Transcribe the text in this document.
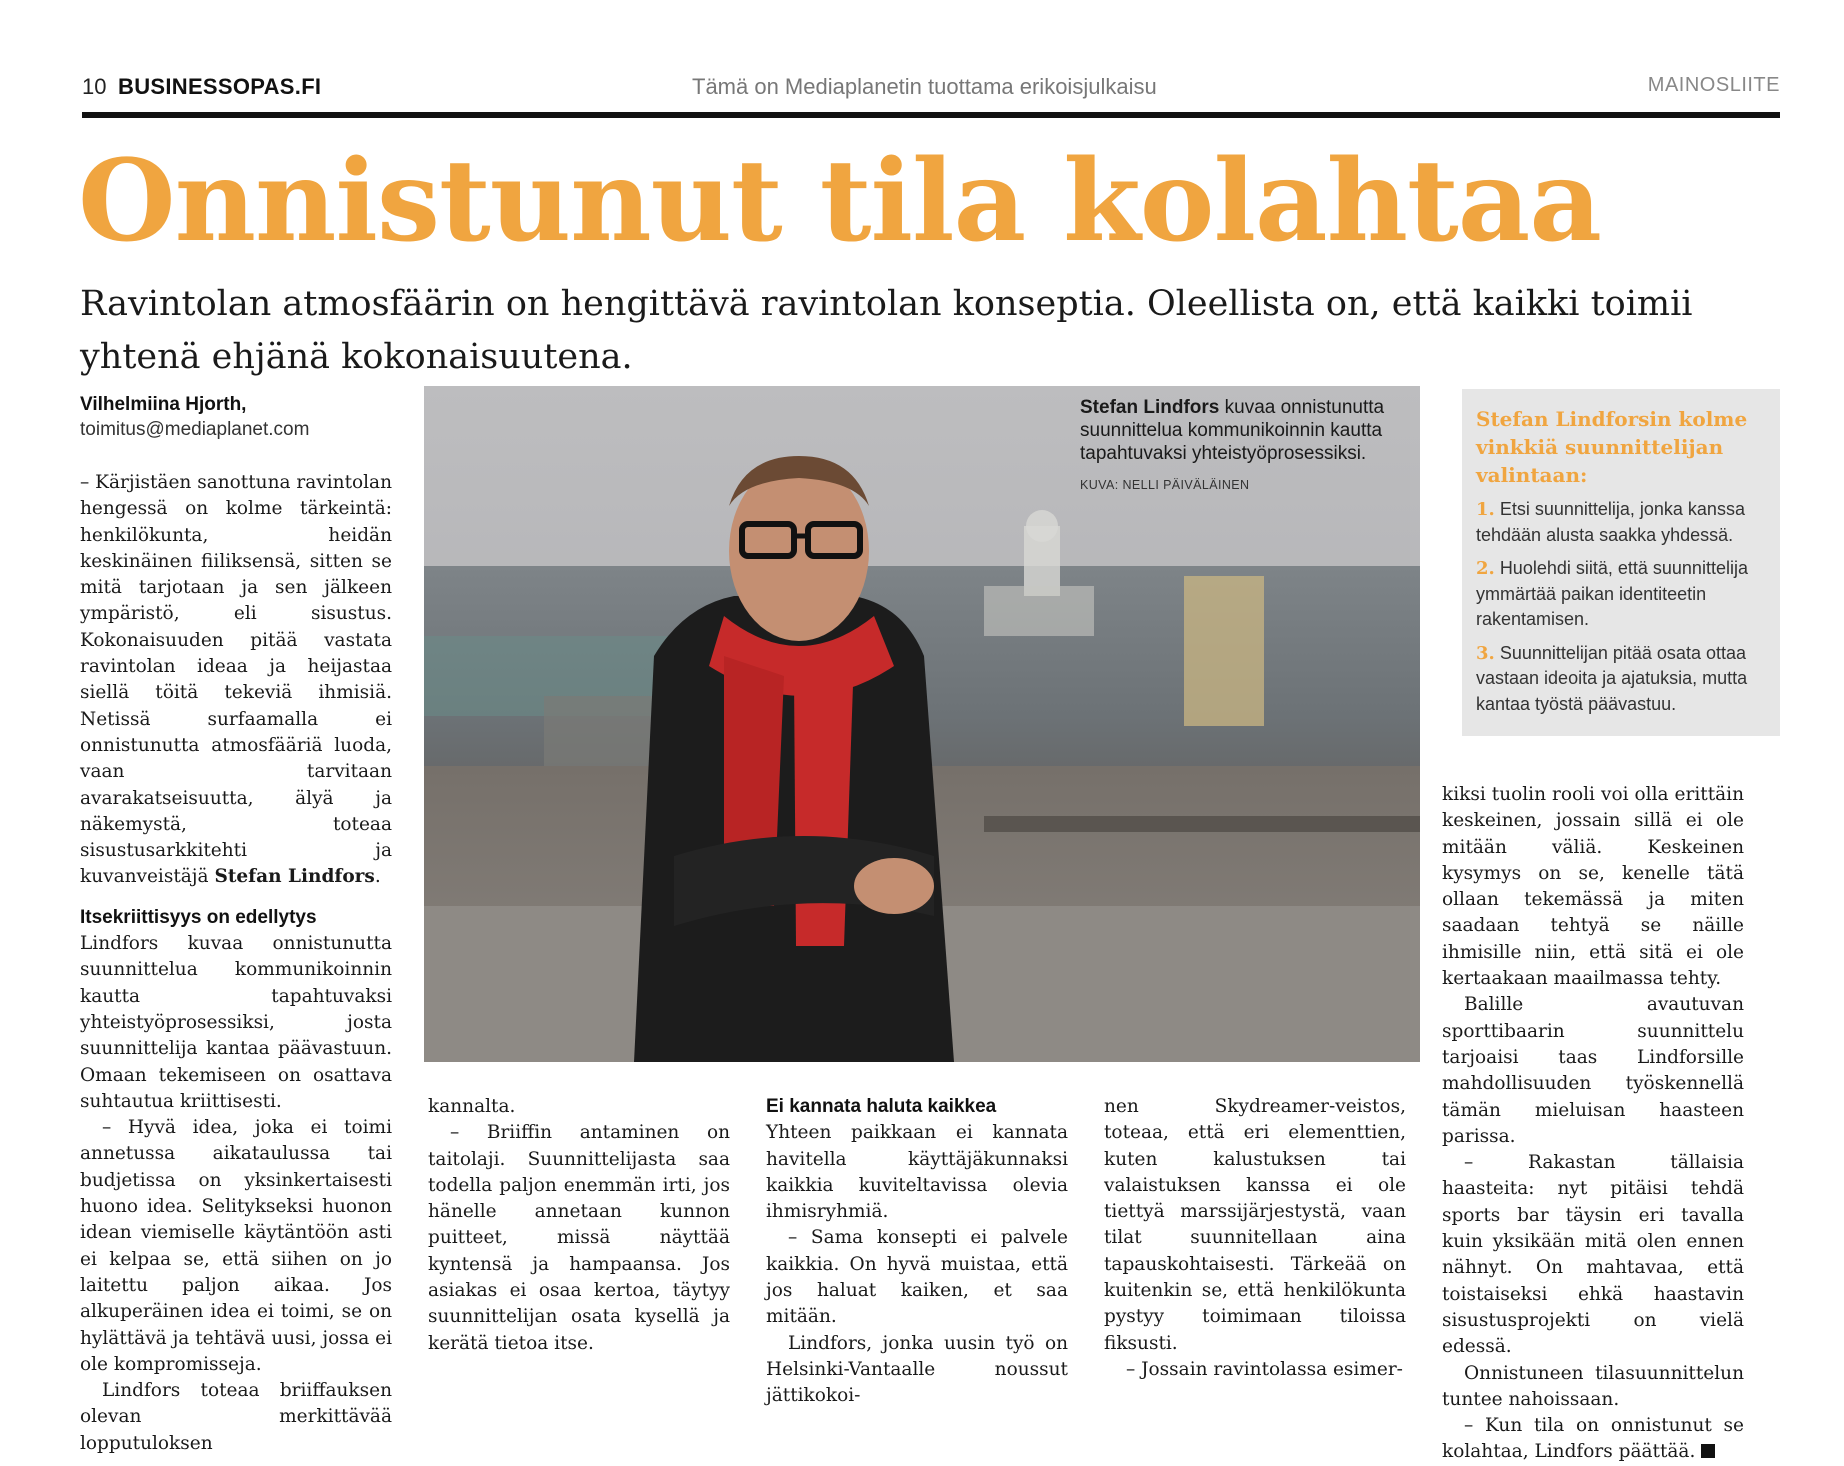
10 BUSINESSOPAS.FI	Tämä on Mediaplanetin tuottama erikoisjulkaisu	MAINOSLIITE
Onnistunut tila kolahtaa
Ravintolan atmosfäärin on hengittävä ravintolan konseptia. Oleellista on, että kaikki toimii yhtenä ehjänä kokonaisuutena.
Vilhelmiina Hjorth,
toimitus@mediaplanet.com

– Kärjistäen sanottuna ravintolan hengessä on kolme tärkeintä: henkilökunta, heidän keskinäinen fiiliksensä, sitten se mitä tarjotaan ja sen jälkeen ympäristö, eli sisustus. Kokonaisuuden pitää vastata ravintolan ideaa ja heijastaa siellä töitä tekeviä ihmisiä. Netissä surfaamalla ei onnistunutta atmosfääriä luoda, vaan tarvitaan avarakatseisuutta, älyä ja näkemystä, toteaa sisustusarkkitehti ja kuvanveistäjä Stefan Lindfors.

Itsekriittisyys on edellytys

Lindfors kuvaa onnistunutta suunnittelua kommunikoinnin kautta tapahtuvaksi yhteistyöprosessiksi, josta suunnittelija kantaa päävastuun. Omaan tekemiseen on osattava suhtautua kriittisesti.

– Hyvä idea, joka ei toimi annetussa aikataulussa tai budjetissa on yksinkertaisesti huono idea. Selitykseksi huonon idean viemiselle käytäntöön asti ei kelpaa se, että siihen on jo laitettu paljon aikaa. Jos alkuperäinen idea ei toimi, se on hylättävä ja tehtävä uusi, jossa ei ole kompromisseja.

Lindfors toteaa briiffauksen olevan merkittävää lopputuloksen

Stefan Lindfors kuvaa onnistunutta suunnittelua kommunikoinnin kautta tapahtuvaksi yhteistyöprosessiksi.
KUVA: NELLI PÄIVÄLÄINEN
Stefan Lindforsin kolme vinkkiä suunnittelijan valintaan:
1. Etsi suunnittelija, jonka kanssa tehdään alusta saakka yhdessä.
2. Huolehdi siitä, että suunnittelija ymmärtää paikan identiteetin rakentamisen.
3. Suunnittelijan pitää osata ottaa vastaan ideoita ja ajatuksia, mutta kantaa työstä päävastuu.

kannalta.

– Briiffin antaminen on taitolaji. Suunnittelijasta saa todella paljon enemmän irti, jos hänelle annetaan kunnon puitteet, missä näyttää kyntensä ja hampaansa. Jos asiakas ei osaa kertoa, täytyy suunnittelijan osata kysellä ja kerätä tietoa itse.

Ei kannata haluta kaikkea

Yhteen paikkaan ei kannata havitella käyttäjäkunnaksi kaikkia kuviteltavissa olevia ihmisryhmiä.

– Sama konsepti ei palvele kaikkia. On hyvä muistaa, että jos haluat kaiken, et saa mitään.

Lindfors, jonka uusin työ on Helsinki-Vantaalle noussut jättikokoi-

nen Skydreamer-veistos, toteaa, että eri elementtien, kuten kalustuksen tai valaistuksen kanssa ei ole tiettyä marssijärjestystä, vaan tilat suunnitellaan aina tapauskohtaisesti. Tärkeää on kuitenkin se, että henkilökunta pystyy toimimaan tiloissa fiksusti.

– Jossain ravintolassa esimer-

kiksi tuolin rooli voi olla erittäin keskeinen, jossain sillä ei ole mitään väliä. Keskeinen kysymys on se, kenelle tätä ollaan tekemässä ja miten saadaan tehtyä se näille ihmisille niin, että sitä ei ole kertaakaan maailmassa tehty.

Balille avautuvan sporttibaarin suunnittelu tarjoaisi taas Lindforsille mahdollisuuden työskennellä tämän mieluisan haasteen parissa.

– Rakastan tällaisia haasteita: nyt pitäisi tehdä sports bar täysin eri tavalla kuin yksikään mitä olen ennen nähnyt. On mahtavaa, että toistaiseksi ehkä haastavin sisustusprojekti on vielä edessä.

Onnistuneen tilasuunnittelun tuntee nahoissaan.

– Kun tila on onnistunut se kolahtaa, Lindfors päättää.
